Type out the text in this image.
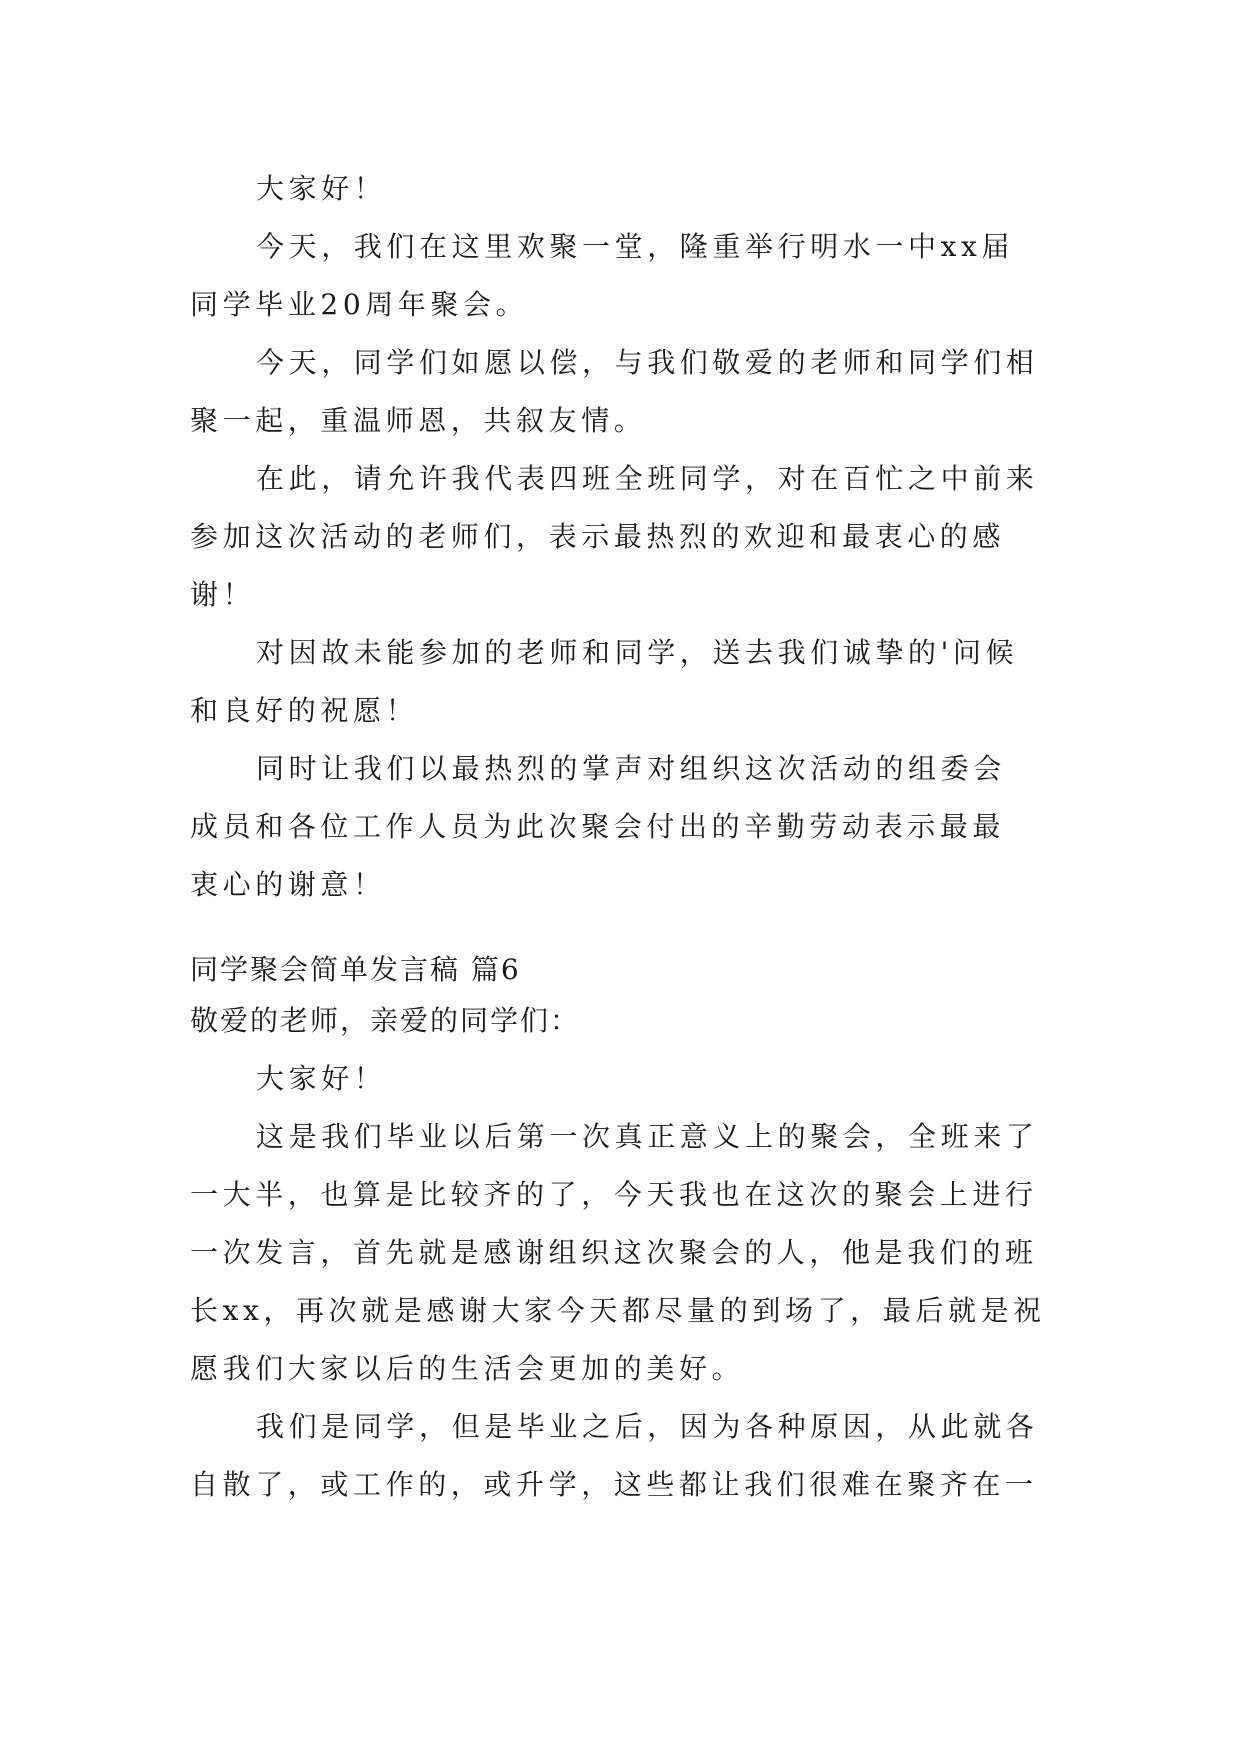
大家好！
今天，我们在这里欢聚一堂，隆重举行明水一中xx届
同学毕业20周年聚会。
今天，同学们如愿以偿，与我们敬爱的老师和同学们相
聚一起，重温师恩，共叙友情。
在此，请允许我代表四班全班同学，对在百忙之中前来
参加这次活动的老师们，表示最热烈的欢迎和最衷心的感
谢！
对因故未能参加的老师和同学，送去我们诚挚的'问候
和良好的祝愿！
同时让我们以最热烈的掌声对组织这次活动的组委会
成员和各位工作人员为此次聚会付出的辛勤劳动表示最最
衷心的谢意！
同学聚会简单发言稿 篇6
敬爱的老师，亲爱的同学们：
大家好！
这是我们毕业以后第一次真正意义上的聚会，全班来了
一大半，也算是比较齐的了，今天我也在这次的聚会上进行
一次发言，首先就是感谢组织这次聚会的人，他是我们的班
长xx，再次就是感谢大家今天都尽量的到场了，最后就是祝
愿我们大家以后的生活会更加的美好。
我们是同学，但是毕业之后，因为各种原因，从此就各
自散了，或工作的，或升学，这些都让我们很难在聚齐在一
